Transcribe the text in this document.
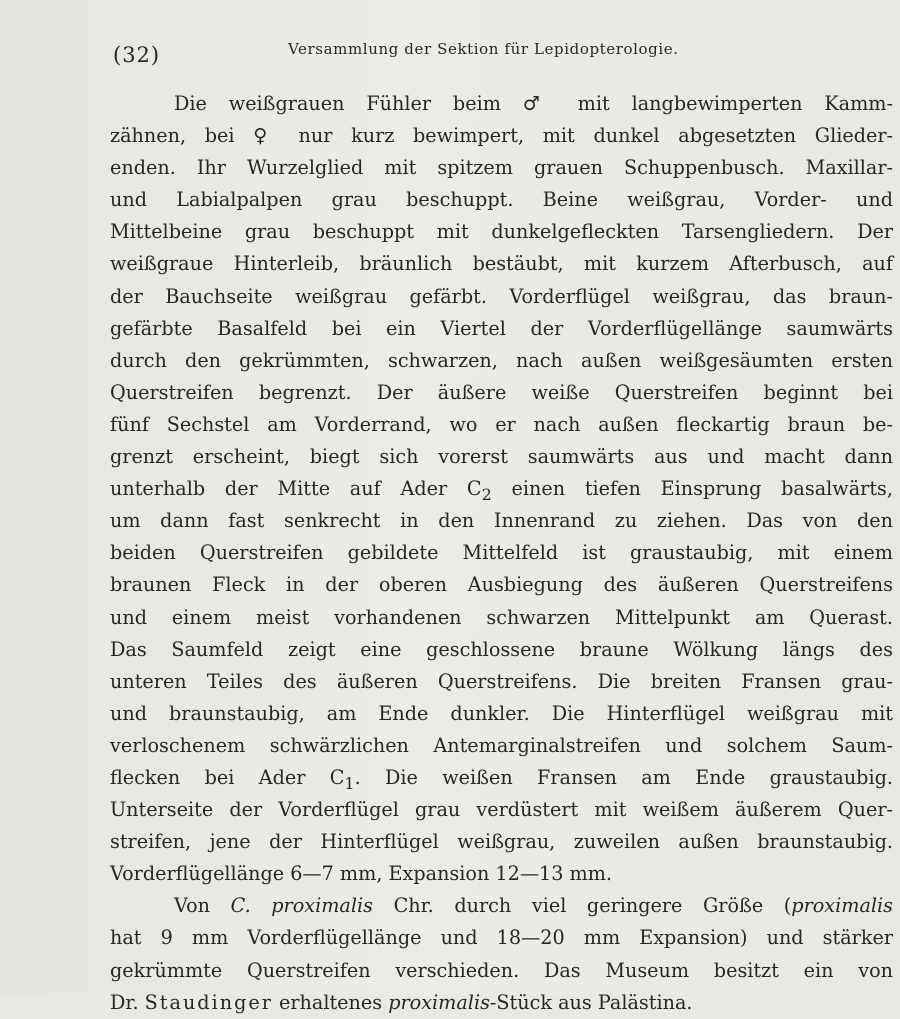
(32)	Versammlung der Sektion für Lepidopterologie.
Die weißgrauen Fühler beim ♂ mit langbewimperten Kamm-
zähnen, bei ♀ nur kurz bewimpert, mit dunkel abgesetzten Glieder-
enden. Ihr Wurzelglied mit spitzem grauen Schuppenbusch. Maxillar-
und Labialpalpen grau beschuppt. Beine weißgrau, Vorder- und
Mittelbeine grau beschuppt mit dunkelgefleckten Tarsengliedern. Der
weißgraue Hinterleib, bräunlich bestäubt, mit kurzem Afterbusch, auf
der Bauchseite weißgrau gefärbt. Vorderflügel weißgrau, das braun-
gefärbte Basalfeld bei ein Viertel der Vorderflügellänge saumwärts
durch den gekrümmten, schwarzen, nach außen weißgesäumten ersten
Querstreifen begrenzt. Der äußere weiße Querstreifen beginnt bei
fünf Sechstel am Vorderrand, wo er nach außen fleckartig braun be-
grenzt erscheint, biegt sich vorerst saumwärts aus und macht dann
unterhalb der Mitte auf Ader $C_2$ einen tiefen Einsprung basalwärts,
um dann fast senkrecht in den Innenrand zu ziehen. Das von den
beiden Querstreifen gebildete Mittelfeld ist graustaubig, mit einem
braunen Fleck in der oberen Ausbiegung des äußeren Querstreifens
und einem meist vorhandenen schwarzen Mittelpunkt am Querast.
Das Saumfeld zeigt eine geschlossene braune Wölkung längs des
unteren Teiles des äußeren Querstreifens. Die breiten Fransen grau-
und braunstaubig, am Ende dunkler. Die Hinterflügel weißgrau mit
verloschenem schwärzlichen Antemarginalstreifen und solchem Saum-
flecken bei Ader $C_1$. Die weißen Fransen am Ende graustaubig.
Unterseite der Vorderflügel grau verdüstert mit weißem äußerem Quer-
streifen, jene der Hinterflügel weißgrau, zuweilen außen braunstaubig.
Vorderflügellänge 6—7 mm, Expansion 12—13 mm.
Von C. proximalis Chr. durch viel geringere Größe (proximalis
hat 9 mm Vorderflügellänge und 18—20 mm Expansion) und stärker
gekrümmte Querstreifen verschieden. Das Museum besitzt ein von
Dr. Staudinger erhaltenes proximalis-Stück aus Palästina.
